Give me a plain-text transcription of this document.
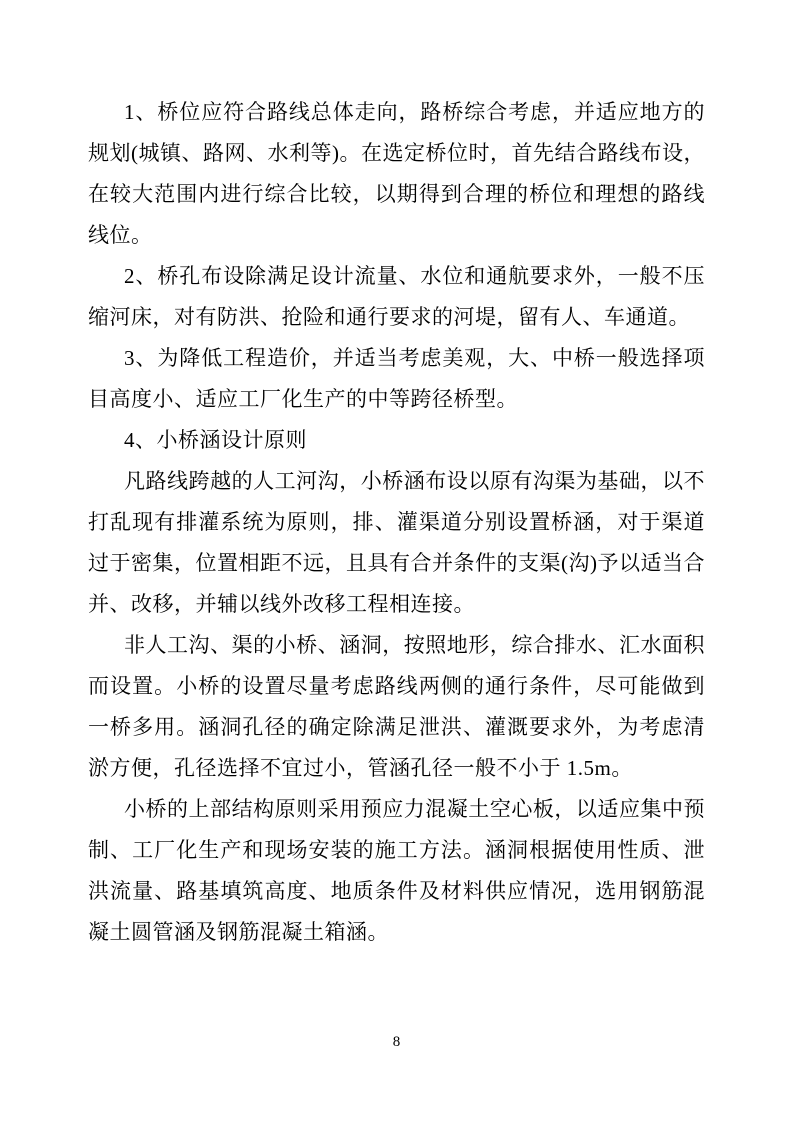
1、桥位应符合路线总体走向，路桥综合考虑，并适应地方的规划(城镇、路网、水利等)。在选定桥位时，首先结合路线布设，在较大范围内进行综合比较，以期得到合理的桥位和理想的路线线位。

2、桥孔布设除满足设计流量、水位和通航要求外，一般不压缩河床，对有防洪、抢险和通行要求的河堤，留有人、车通道。

3、为降低工程造价，并适当考虑美观，大、中桥一般选择项目高度小、适应工厂化生产的中等跨径桥型。

4、小桥涵设计原则

凡路线跨越的人工河沟，小桥涵布设以原有沟渠为基础，以不打乱现有排灌系统为原则，排、灌渠道分别设置桥涵，对于渠道过于密集，位置相距不远，且具有合并条件的支渠(沟)予以适当合并、改移，并辅以线外改移工程相连接。

非人工沟、渠的小桥、涵洞，按照地形，综合排水、汇水面积而设置。小桥的设置尽量考虑路线两侧的通行条件，尽可能做到一桥多用。涵洞孔径的确定除满足泄洪、灌溉要求外，为考虑清淤方便，孔径选择不宜过小，管涵孔径一般不小于 1.5m。

小桥的上部结构原则采用预应力混凝土空心板，以适应集中预制、工厂化生产和现场安装的施工方法。涵洞根据使用性质、泄洪流量、路基填筑高度、地质条件及材料供应情况，选用钢筋混凝土圆管涵及钢筋混凝土箱涵。

8
